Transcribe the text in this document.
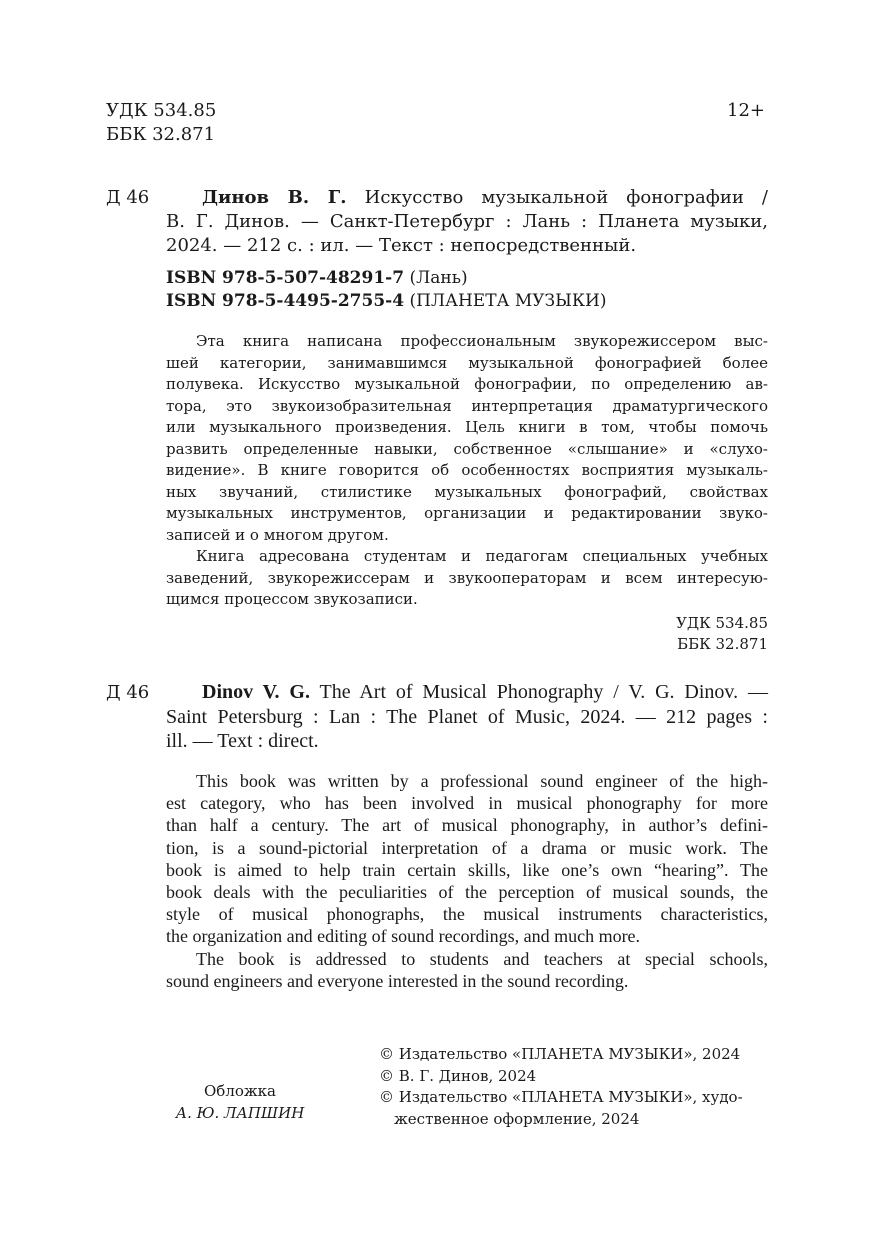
УДК 534.85
ББК 32.871
12+
Д 46	Динов В. Г. Искусство музыкальной фонографии /

В. Г. Динов. — Санкт-Петербург : Лань : Планета музыки,

2024. — 212 с. : ил. — Текст : непосредственный.

ISBN 978-5-507-48291-7 (Лань)
ISBN 978-5-4495-2755-4 (ПЛАНЕТА МУЗЫКИ)

Эта книга написана профессиональным звукорежиссером выс-

шей категории, занимавшимся музыкальной фонографией более

полувека. Искусство музыкальной фонографии, по определению ав-

тора, это звукоизобразительная интерпретация драматургического

или музыкального произведения. Цель книги в том, чтобы помочь

развить определенные навыки, собственное «слышание» и «слухо-

видение». В книге говорится об особенностях восприятия музыкаль-

ных звучаний, стилистике музыкальных фонографий, свойствах

музыкальных инструментов, организации и редактировании звуко-

записей и о многом другом.

Книга адресована студентам и педагогам специальных учебных

заведений, звукорежиссерам и звукооператорам и всем интересую-

щимся процессом звукозаписи.

УДК 534.85

ББК 32.871

Д 46	Dinov V. G. The Art of Musical Phonography / V. G. Dinov. —

Saint Petersburg : Lan : The Planet of Music, 2024. — 212 pages :

ill. — Text : direct.

This book was written by a professional sound engineer of the high-

est category, who has been involved in musical phonography for more

than half a century. The art of musical phonography, in author’s defini-

tion, is a sound-pictorial interpretation of a drama or music work. The

book is aimed to help train certain skills, like one’s own “hearing”. The

book deals with the peculiarities of the perception of musical sounds, the

style of musical phonographs, the musical instruments characteristics,

the organization and editing of sound recordings, and much more.

The book is addressed to students and teachers at special schools,

sound engineers and everyone interested in the sound recording.

Обложка

А. Ю. ЛАПШИН

© Издательство «ПЛАНЕТА МУЗЫКИ», 2024

© В. Г. Динов, 2024

© Издательство «ПЛАНЕТА МУЗЫКИ», худо-

жественное оформление, 2024
